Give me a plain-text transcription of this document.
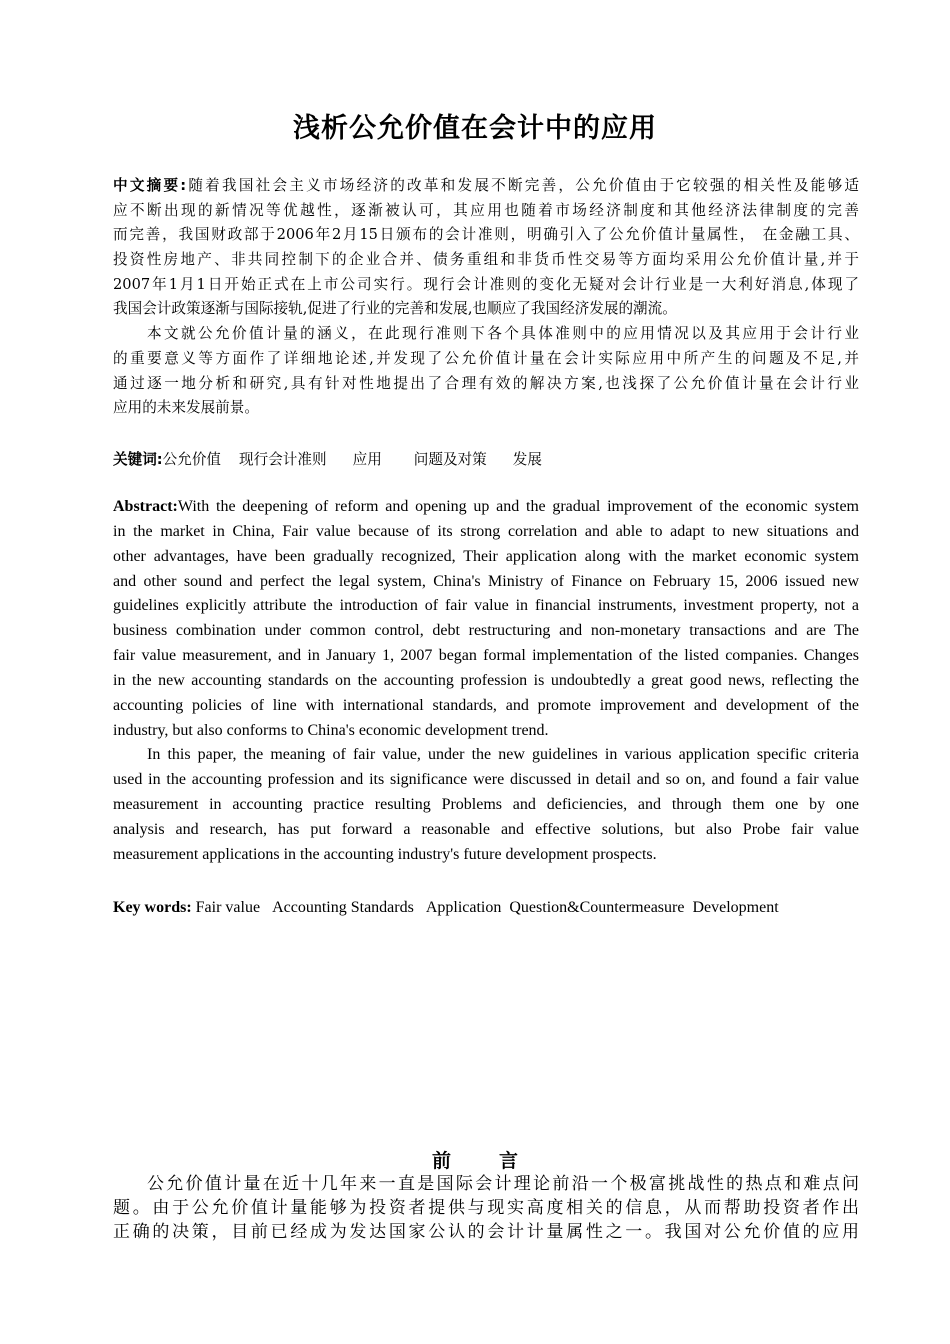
浅析公允价值在会计中的应用
中文摘要:随着我国社会主义市场经济的改革和发展不断完善，公允价值由于它较强的相关性及能够适
应不断出现的新情况等优越性，逐渐被认可，其应用也随着市场经济制度和其他经济法律制度的完善
而完善，我国财政部于2006年2月15日颁布的会计准则，明确引入了公允价值计量属性， 在金融工具、
投资性房地产、非共同控制下的企业合并、债务重组和非货币性交易等方面均采用公允价值计量,并于
2007年1月1日开始正式在上市公司实行。现行会计准则的变化无疑对会计行业是一大利好消息,体现了
我国会计政策逐渐与国际接轨,促进了行业的完善和发展,也顺应了我国经济发展的潮流。
本文就公允价值计量的涵义，在此现行准则下各个具体准则中的应用情况以及其应用于会计行业
的重要意义等方面作了详细地论述,并发现了公允价值计量在会计实际应用中所产生的问题及不足,并
通过逐一地分析和研究,具有针对性地提出了合理有效的解决方案,也浅探了公允价值计量在会计行业
应用的未来发展前景。
关键词:公允价值 现行会计准则 应用 问题及对策 发展
Abstract:With the deepening of reform and opening up and the gradual improvement of the economic system
in the market in China, Fair value because of its strong correlation and able to adapt to new situations and
other advantages, have been gradually recognized, Their application along with the market economic system
and other sound and perfect the legal system, China's Ministry of Finance on February 15, 2006 issued new
guidelines explicitly attribute the introduction of fair value in financial instruments, investment property, not a
business combination under common control, debt restructuring and non-monetary transactions and are The
fair value measurement, and in January 1, 2007 began formal implementation of the listed companies. Changes
in the new accounting standards on the accounting profession is undoubtedly a great good news, reflecting the
accounting policies of line with international standards, and promote improvement and development of the
industry, but also conforms to China's economic development trend.
In this paper, the meaning of fair value, under the new guidelines in various application specific criteria
used in the accounting profession and its significance were discussed in detail and so on, and found a fair value
measurement in accounting practice resulting Problems and deficiencies, and through them one by one
analysis and research, has put forward a reasonable and effective solutions, but also Probe fair value
measurement applications in the accounting industry's future development prospects.
Key words: Fair value Accounting Standards Application Question&Countermeasure Development
前	言
公允价值计量在近十几年来一直是国际会计理论前沿一个极富挑战性的热点和难点问
题。由于公允价值计量能够为投资者提供与现实高度相关的信息，从而帮助投资者作出
正确的决策，目前已经成为发达国家公认的会计计量属性之一。我国对公允价值的应用
